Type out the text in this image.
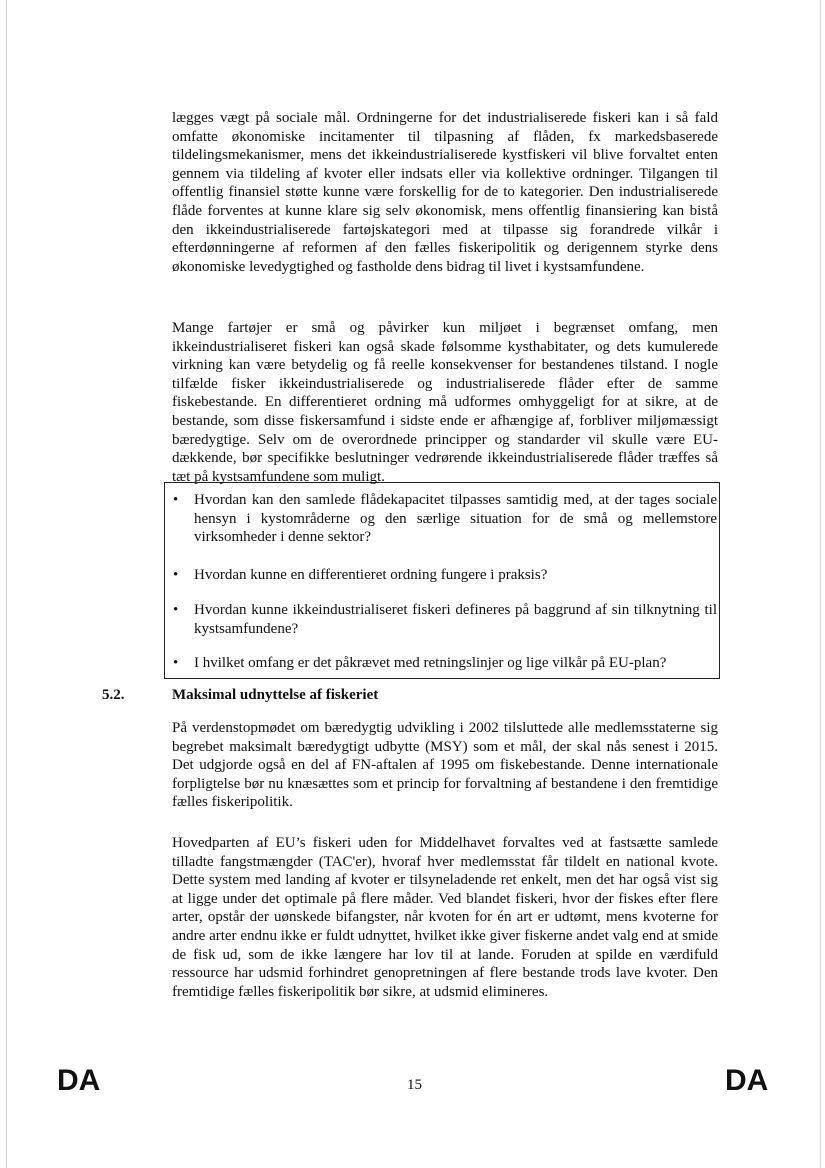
lægges vægt på sociale mål. Ordningerne for det industrialiserede fiskeri kan i så fald omfatte økonomiske incitamenter til tilpasning af flåden, fx markedsbaserede tildelingsmekanismer, mens det ikkeindustrialiserede kystfiskeri vil blive forvaltet enten gennem via tildeling af kvoter eller indsats eller via kollektive ordninger. Tilgangen til offentlig finansiel støtte kunne være forskellig for de to kategorier. Den industrialiserede flåde forventes at kunne klare sig selv økonomisk, mens offentlig finansiering kan bistå den ikkeindustrialiserede fartøjskategori med at tilpasse sig forandrede vilkår i efterdønningerne af reformen af den fælles fiskeripolitik og derigennem styrke dens økonomiske levedygtighed og fastholde dens bidrag til livet i kystsamfundene.

Mange fartøjer er små og påvirker kun miljøet i begrænset omfang, men ikkeindustrialiseret fiskeri kan også skade følsomme kysthabitater, og dets kumulerede virkning kan være betydelig og få reelle konsekvenser for bestandenes tilstand. I nogle tilfælde fisker ikkeindustrialiserede og industrialiserede flåder efter de samme fiskebestande. En differentieret ordning må udformes omhyggeligt for at sikre, at de bestande, som disse fiskersamfund i sidste ende er afhængige af, forbliver miljømæssigt bæredygtige. Selv om de overordnede principper og standarder vil skulle være EU-dækkende, bør specifikke beslutninger vedrørende ikkeindustrialiserede flåder træffes så tæt på kystsamfundene som muligt.

• Hvordan kan den samlede flådekapacitet tilpasses samtidig med, at der tages sociale hensyn i kystområderne og den særlige situation for de små og mellemstore virksomheder i denne sektor?
• Hvordan kunne en differentieret ordning fungere i praksis?
• Hvordan kunne ikkeindustrialiseret fiskeri defineres på baggrund af sin tilknytning til kystsamfundene?
• I hvilket omfang er det påkrævet med retningslinjer og lige vilkår på EU-plan?
5.2.	Maksimal udnyttelse af fiskeriet

På verdenstopmødet om bæredygtig udvikling i 2002 tilsluttede alle medlemsstaterne sig begrebet maksimalt bæredygtigt udbytte (MSY) som et mål, der skal nås senest i 2015. Det udgjorde også en del af FN-aftalen af 1995 om fiskebestande. Denne internationale forpligtelse bør nu knæsættes som et princip for forvaltning af bestandene i den fremtidige fælles fiskeripolitik.

Hovedparten af EU’s fiskeri uden for Middelhavet forvaltes ved at fastsætte samlede tilladte fangstmængder (TAC'er), hvoraf hver medlemsstat får tildelt en national kvote. Dette system med landing af kvoter er tilsyneladende ret enkelt, men det har også vist sig at ligge under det optimale på flere måder. Ved blandet fiskeri, hvor der fiskes efter flere arter, opstår der uønskede bifangster, når kvoten for én art er udtømt, mens kvoterne for andre arter endnu ikke er fuldt udnyttet, hvilket ikke giver fiskerne andet valg end at smide de fisk ud, som de ikke længere har lov til at lande. Foruden at spilde en værdifuld ressource har udsmid forhindret genopretningen af flere bestande trods lave kvoter. Den fremtidige fælles fiskeripolitik bør sikre, at udsmid elimineres.

DA	15	DA
